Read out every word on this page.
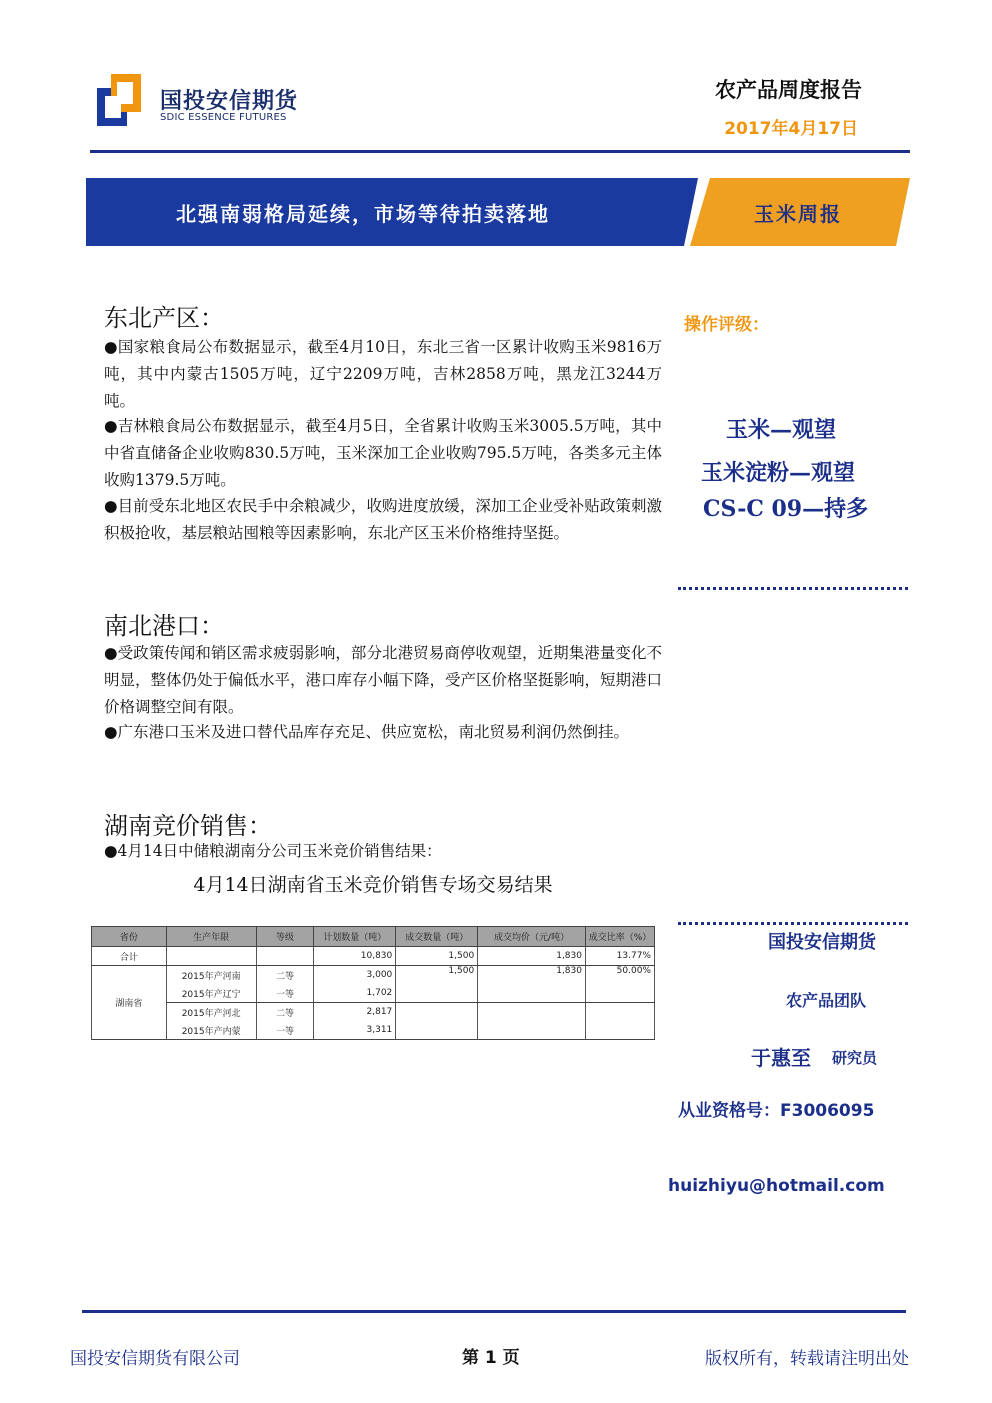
国投安信期货
SDIC ESSENCE FUTURES
农产品周度报告
2017年4月17日
北强南弱格局延续，市场等待拍卖落地	玉米周报
东北产区：
●国家粮食局公布数据显示，截至4月10日，东北三省一区累计收购玉米9816万吨，其中内蒙古1505万吨，辽宁2209万吨，吉林2858万吨，黑龙江3244万吨。
●吉林粮食局公布数据显示，截至4月5日，全省累计收购玉米3005.5万吨，其中中省直储备企业收购830.5万吨，玉米深加工企业收购795.5万吨，各类多元主体收购1379.5万吨。
●目前受东北地区农民手中余粮减少，收购进度放缓，深加工企业受补贴政策刺激积极抢收，基层粮站囤粮等因素影响，东北产区玉米价格维持坚挺。
南北港口：
●受政策传闻和销区需求疲弱影响，部分北港贸易商停收观望，近期集港量变化不明显，整体仍处于偏低水平，港口库存小幅下降，受产区价格坚挺影响，短期港口价格调整空间有限。
●广东港口玉米及进口替代品库存充足、供应宽松，南北贸易利润仍然倒挂。
湖南竞价销售：
●4月14日中储粮湖南分公司玉米竞价销售结果：
4月14日湖南省玉米竞价销售专场交易结果
省份	生产年限	等级	计划数量（吨）	成交数量（吨）	成交均价（元/吨）	成交比率（%）
合计			10,830	1,500	1,830	13.77%
湖南省	2015年产河南	二等	3,000	1,500	1,830	50.00%
	2015年产辽宁	一等	1,702			
	2015年产河北	二等	2,817			
	2015年产内蒙	一等	3,311			
操作评级：
玉米—观望
玉米淀粉—观望
CS-C 09—持多
国投安信期货
农产品团队
于惠至 研究员
从业资格号：F3006095
huizhiyu@hotmail.com
国投安信期货有限公司	第 1 页	版权所有，转载请注明出处
